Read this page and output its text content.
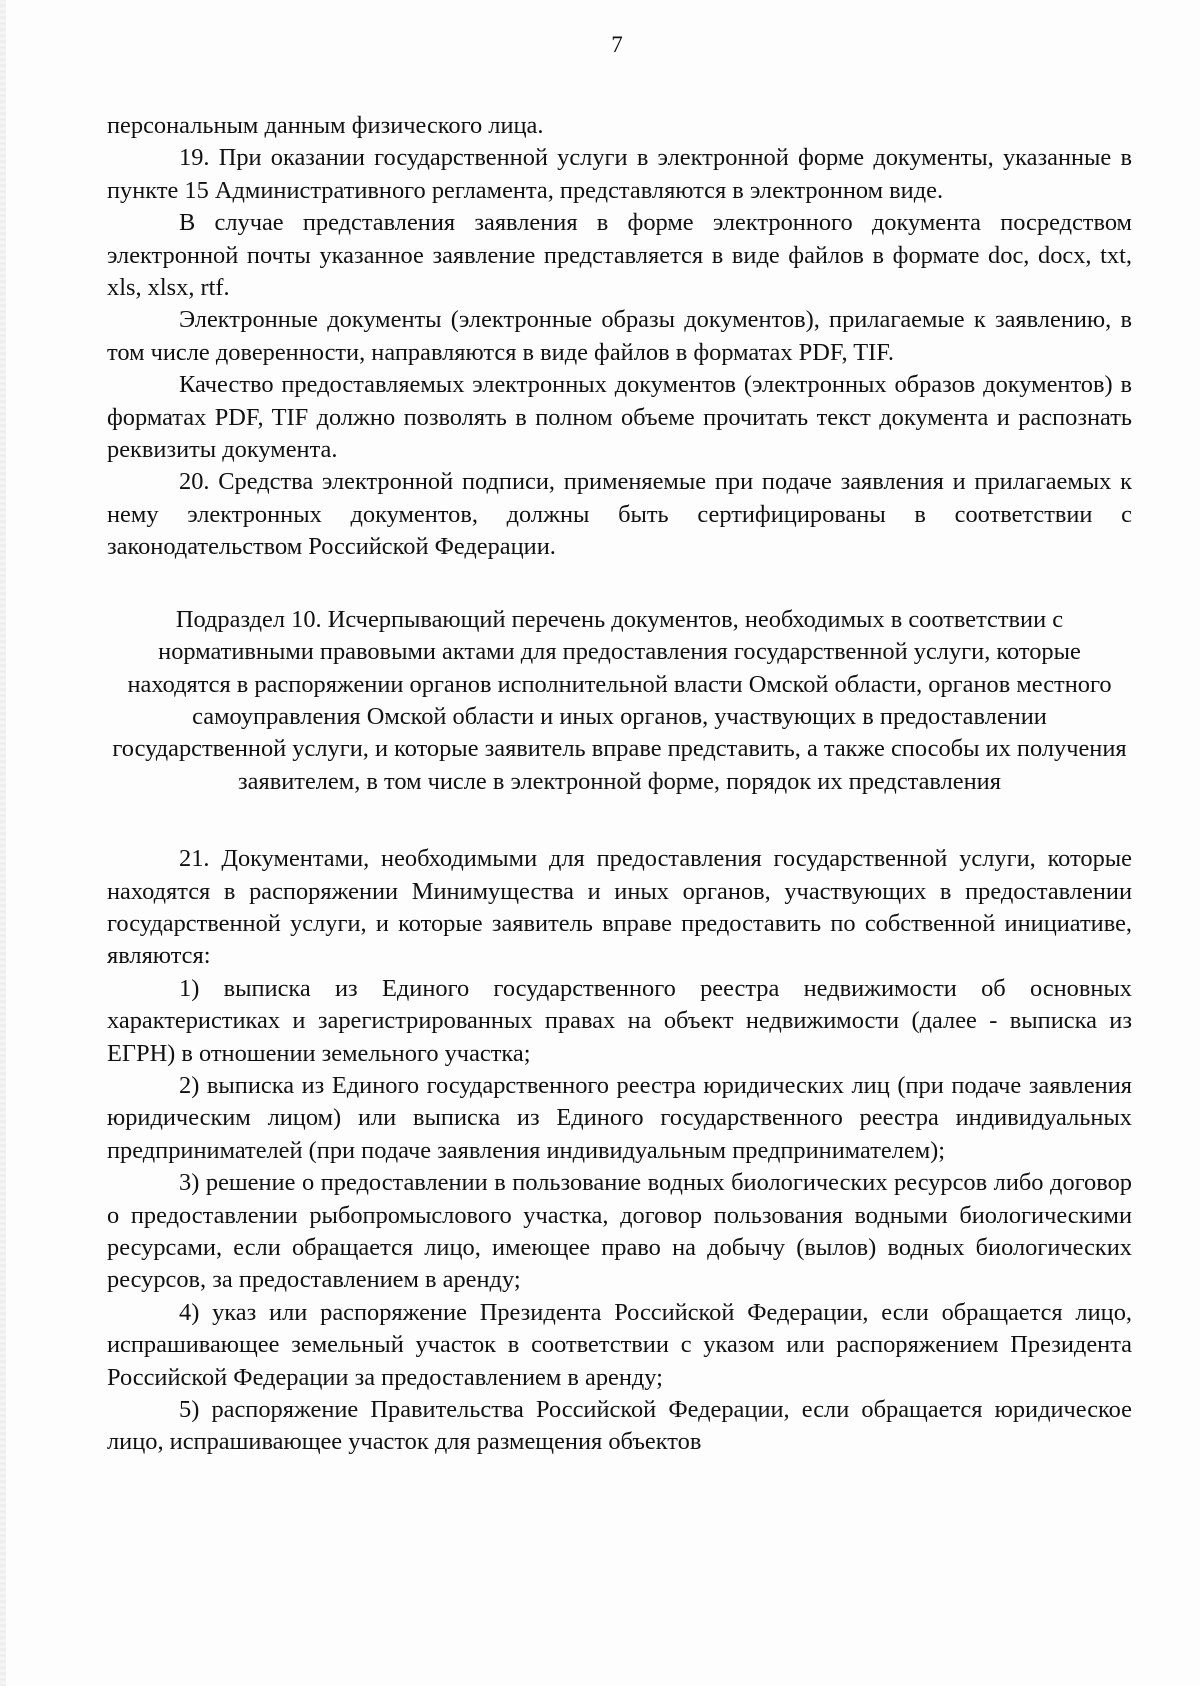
7

персональным данным физического лица.

19. При оказании государственной услуги в электронной форме документы, указанные в пункте 15 Административного регламента, представляются в электронном виде.

В случае представления заявления в форме электронного документа посредством электронной почты указанное заявление представляется в виде файлов в формате doc, docx, txt, xls, xlsx, rtf.

Электронные документы (электронные образы документов), прилагаемые к заявлению, в том числе доверенности, направляются в виде файлов в форматах PDF, TIF.

Качество предоставляемых электронных документов (электронных образов документов) в форматах PDF, TIF должно позволять в полном объеме прочитать текст документа и распознать реквизиты документа.

20. Средства электронной подписи, применяемые при подаче заявления и прилагаемых к нему электронных документов, должны быть сертифицированы в соответствии с законодательством Российской Федерации.

Подраздел 10. Исчерпывающий перечень документов, необходимых в соответствии с нормативными правовыми актами для предоставления государственной услуги, которые находятся в распоряжении органов исполнительной власти Омской области, органов местного самоуправления Омской области и иных органов, участвующих в предоставлении государственной услуги, и которые заявитель вправе представить, а также способы их получения заявителем, в том числе в электронной форме, порядок их представления

21. Документами, необходимыми для предоставления государственной услуги, которые находятся в распоряжении Минимущества и иных органов, участвующих в предоставлении государственной услуги, и которые заявитель вправе предоставить по собственной инициативе, являются:

1) выписка из Единого государственного реестра недвижимости об основных характеристиках и зарегистрированных правах на объект недвижимости (далее - выписка из ЕГРН) в отношении земельного участка;

2) выписка из Единого государственного реестра юридических лиц (при подаче заявления юридическим лицом) или выписка из Единого государственного реестра индивидуальных предпринимателей (при подаче заявления индивидуальным предпринимателем);

3) решение о предоставлении в пользование водных биологических ресурсов либо договор о предоставлении рыбопромыслового участка, договор пользования водными биологическими ресурсами, если обращается лицо, имеющее право на добычу (вылов) водных биологических ресурсов, за предоставлением в аренду;

4) указ или распоряжение Президента Российской Федерации, если обращается лицо, испрашивающее земельный участок в соответствии с указом или распоряжением Президента Российской Федерации за предоставлением в аренду;

5) распоряжение Правительства Российской Федерации, если обращается юридическое лицо, испрашивающее участок для размещения объектов
